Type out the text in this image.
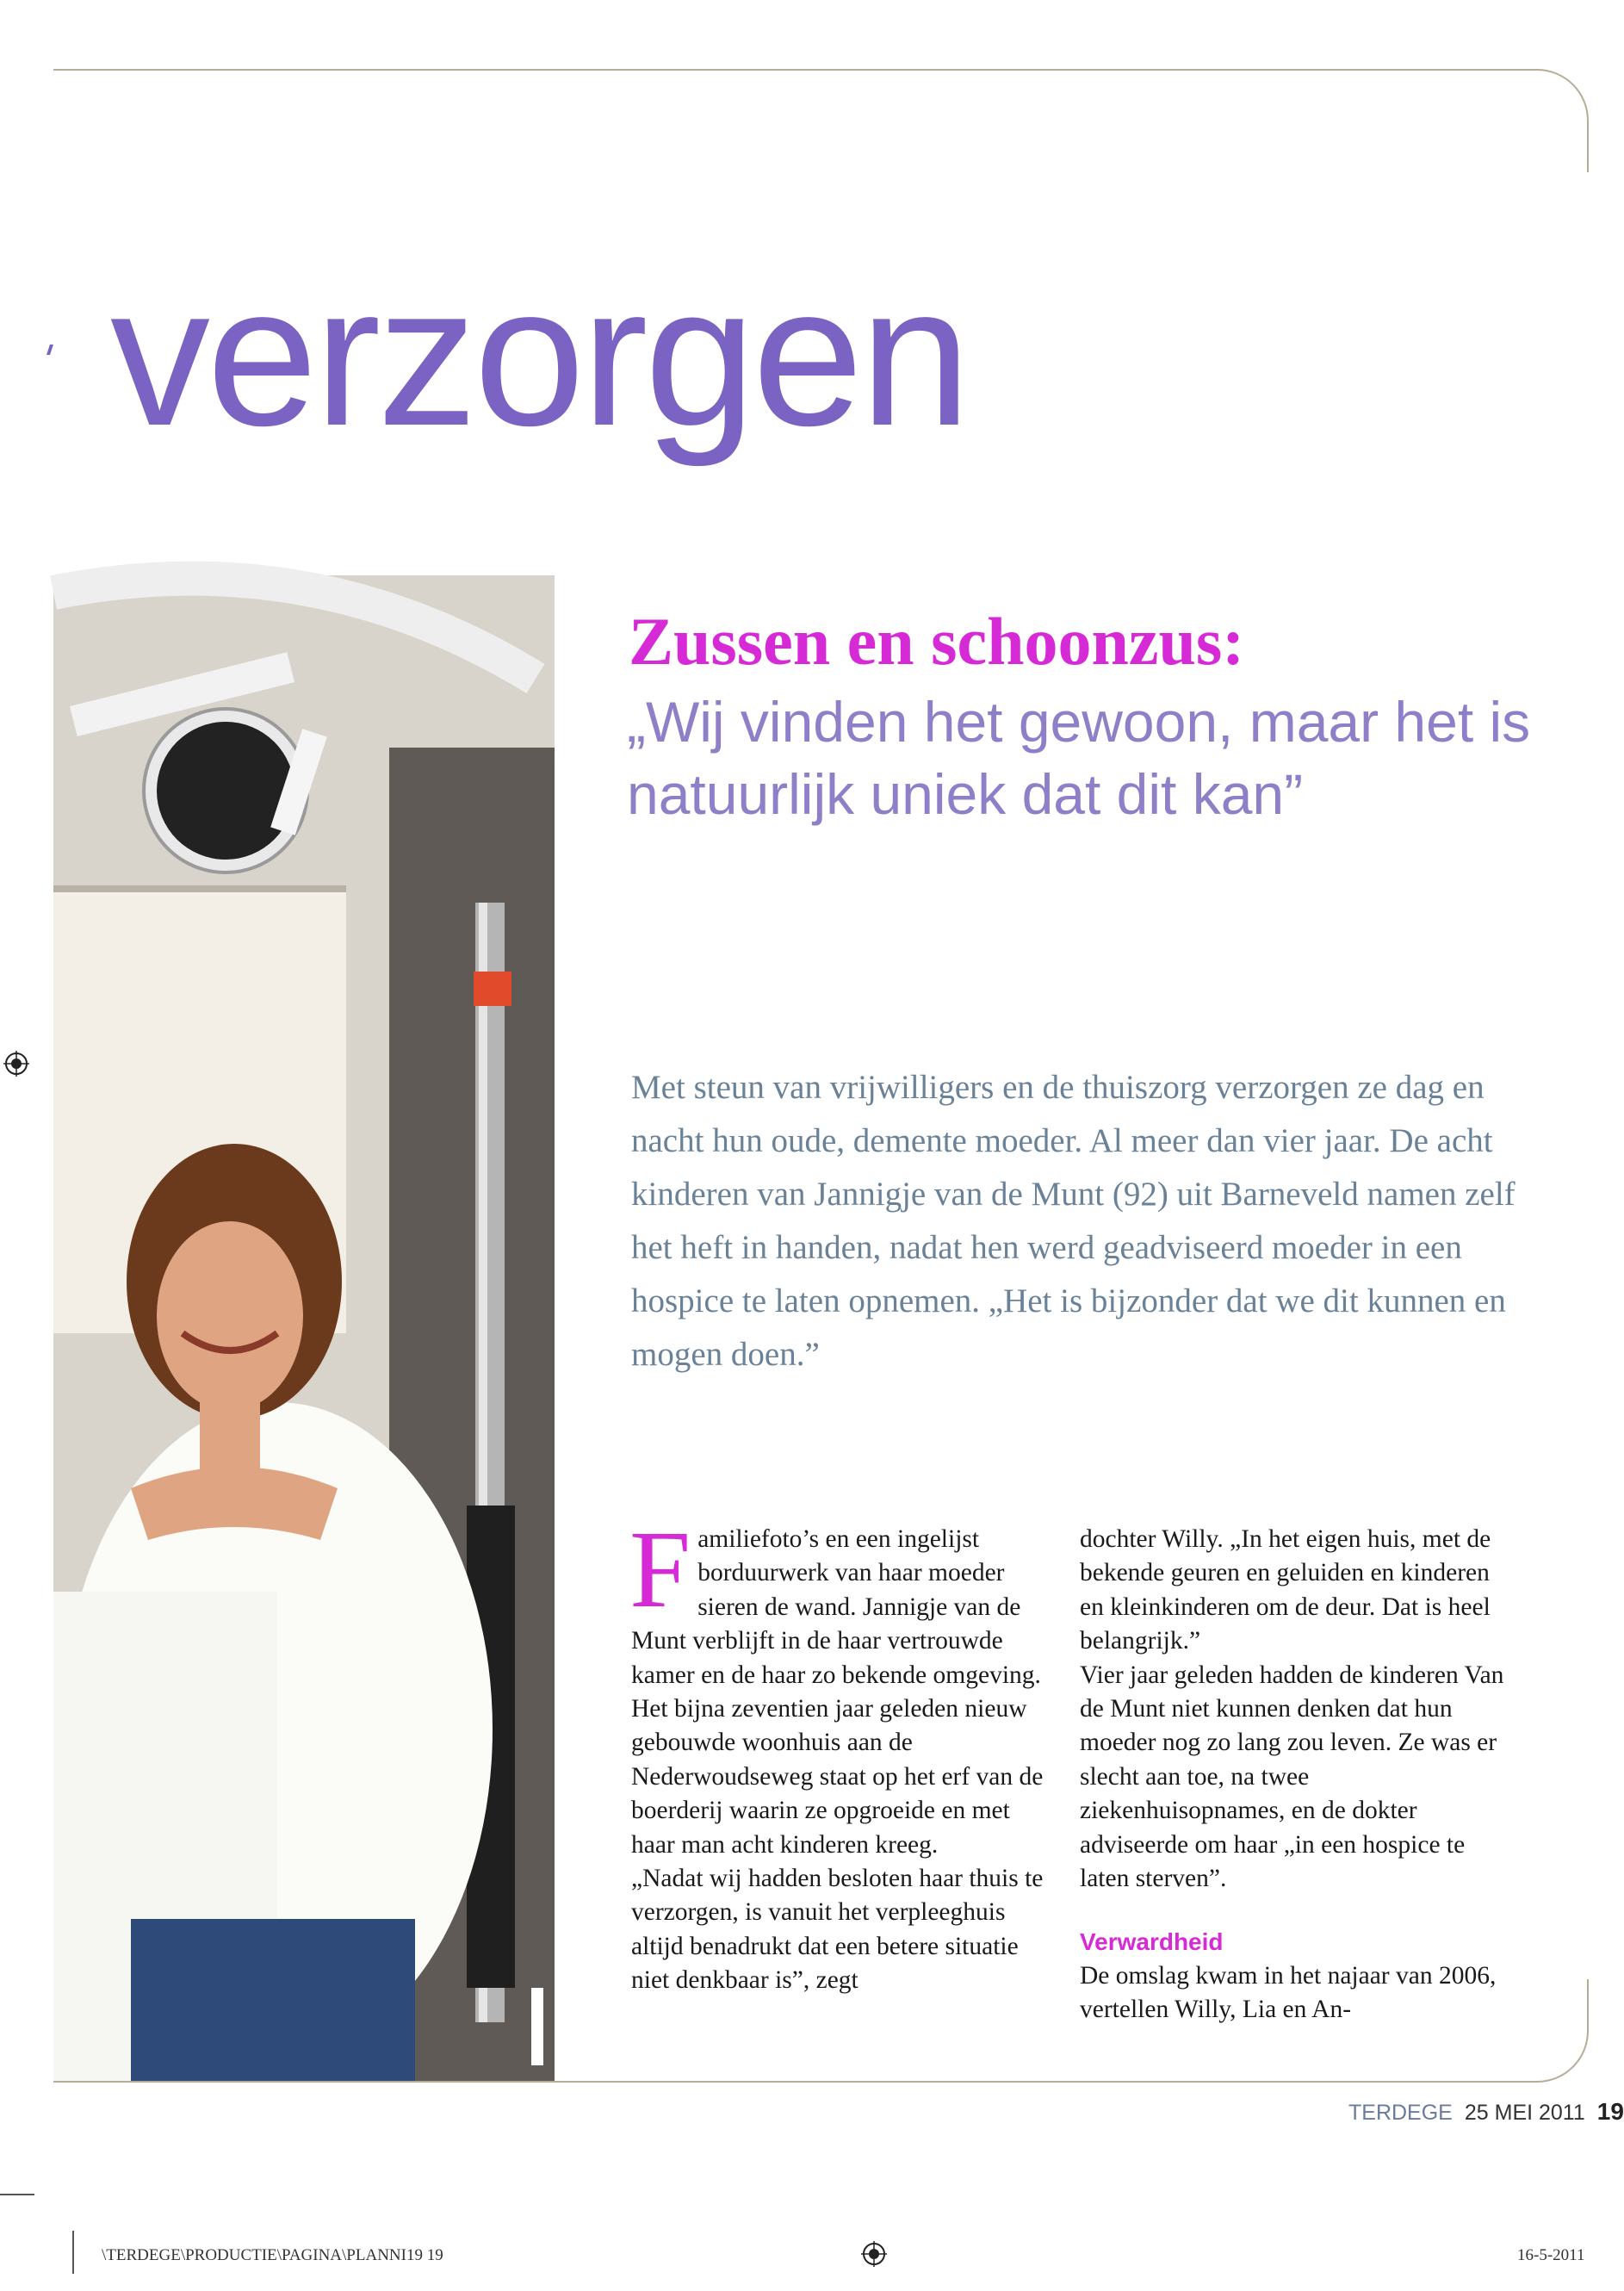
verzorgen
Zussen en schoonzus:
„Wij vinden het gewoon, maar het is natuurlijk uniek dat dit kan”
Met steun van vrijwilligers en de thuiszorg verzorgen ze dag en nacht hun oude, demente moeder. Al meer dan vier jaar. De acht kinderen van Jannigje van de Munt (92) uit Barneveld namen zelf het heft in handen, nadat hen werd geadviseerd moeder in een hospice te laten opnemen. „Het is bijzonder dat we dit kunnen en mogen doen.”
Familiefoto’s en een ingelijst borduurwerk van haar moeder sieren de wand. Jannigje van de Munt verblijft in de haar vertrouwde kamer en de haar zo bekende omgeving. Het bijna zeventien jaar geleden nieuw gebouwde woonhuis aan de Nederwoudseweg staat op het erf van de boerderij waarin ze opgroeide en met haar man acht kinderen kreeg.
„Nadat wij hadden besloten haar thuis te verzorgen, is vanuit het verpleeghuis altijd benadrukt dat een betere situatie niet denkbaar is”, zegt
dochter Willy. „In het eigen huis, met de bekende geuren en geluiden en kinderen en kleinkinderen om de deur. Dat is heel belangrijk.”
Vier jaar geleden hadden de kinderen Van de Munt niet kunnen denken dat hun moeder nog zo lang zou leven. Ze was er slecht aan toe, na twee ziekenhuisopnames, en de dokter adviseerde om haar „in een hospice te laten sterven”.
Verwardheid
De omslag kwam in het najaar van 2006, vertellen Willy, Lia en An-
TERDEGE 25 MEI 2011 19
\TERDEGE\PRODUCTIE\PAGINA\PLANNI19 19	16-5-2011
